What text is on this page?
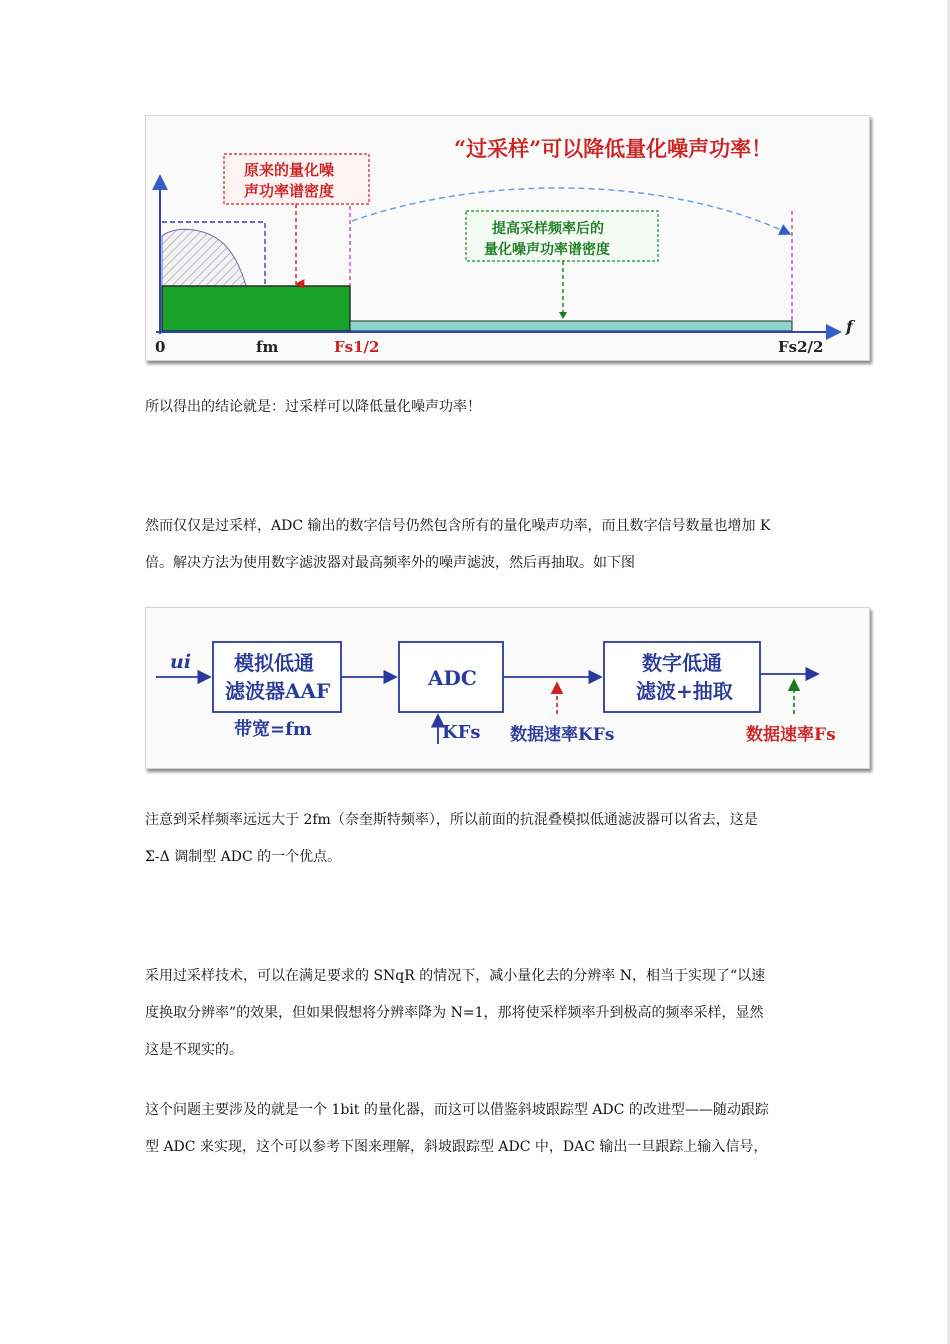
“过采样”可以降低量化噪声功率！
原来的量化噪
声功率谱密度
提高采样频率后的
量化噪声功率谱密度
0	fm	Fs1/2	Fs2/2
f

所以得出的结论就是：过采样可以降低量化噪声功率！

然而仅仅是过采样，ADC 输出的数字信号仍然包含所有的量化噪声功率，而且数字信号数量也增加 K
倍。解决方法为使用数字滤波器对最高频率外的噪声滤波，然后再抽取。如下图

ui 模拟低通
滤波器AAF
带宽=fm
ADC
KFs 数据速率KFs
数字低通
滤波+抽取
数据速率Fs

注意到采样频率远远大于 2fm（奈奎斯特频率），所以前面的抗混叠模拟低通滤波器可以省去，这是
Σ-Δ 调制型 ADC 的一个优点。

采用过采样技术，可以在满足要求的 SNqR 的情况下，减小量化去的分辨率 N，相当于实现了“以速
度换取分辨率”的效果，但如果假想将分辨率降为 N=1，那将使采样频率升到极高的频率采样，显然
这是不现实的。

这个问题主要涉及的就是一个 1bit 的量化器，而这可以借鉴斜坡跟踪型 ADC 的改进型——随动跟踪
型 ADC 来实现，这个可以参考下图来理解，斜坡跟踪型 ADC 中，DAC 输出一旦跟踪上输入信号，
